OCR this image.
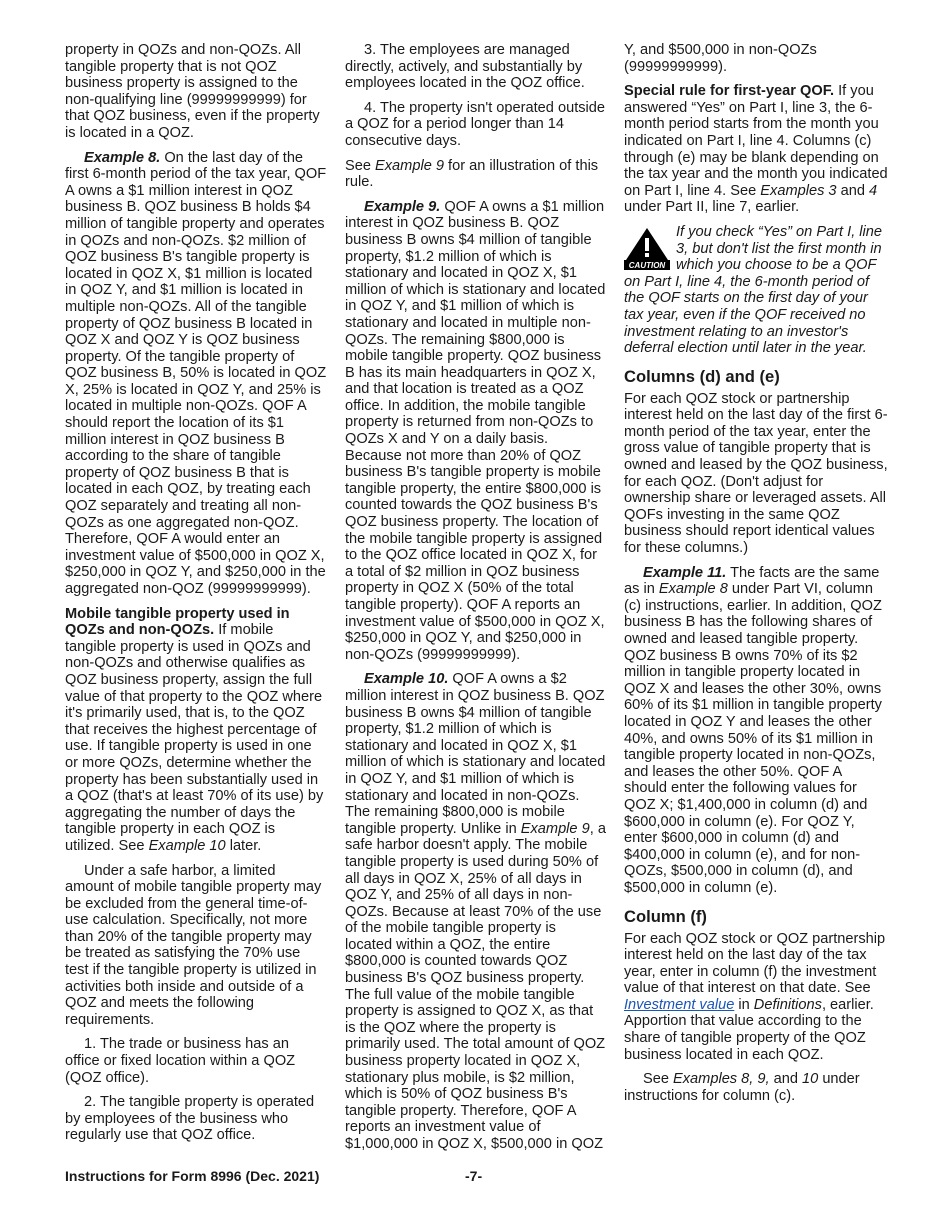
property in QOZs and non-QOZs. All tangible property that is not QOZ business property is assigned to the non-qualifying line (99999999999) for that QOZ business, even if the property is located in a QOZ.

Example 8. On the last day of the first 6-month period of the tax year, QOF A owns a $1 million interest in QOZ business B. QOZ business B holds $4 million of tangible property and operates in QOZs and non-QOZs. $2 million of QOZ business B's tangible property is located in QOZ X, $1 million is located in QOZ Y, and $1 million is located in multiple non-QOZs. All of the tangible property of QOZ business B located in QOZ X and QOZ Y is QOZ business property. Of the tangible property of QOZ business B, 50% is located in QOZ X, 25% is located in QOZ Y, and 25% is located in multiple non-QOZs. QOF A should report the location of its $1 million interest in QOZ business B according to the share of tangible property of QOZ business B that is located in each QOZ, by treating each QOZ separately and treating all non-QOZs as one aggregated non-QOZ. Therefore, QOF A would enter an investment value of $500,000 in QOZ X, $250,000 in QOZ Y, and $250,000 in the aggregated non-QOZ (99999999999).

Mobile tangible property used in QOZs and non-QOZs. If mobile tangible property is used in QOZs and non-QOZs and otherwise qualifies as QOZ business property, assign the full value of that property to the QOZ where it's primarily used, that is, to the QOZ that receives the highest percentage of use. If tangible property is used in one or more QOZs, determine whether the property has been substantially used in a QOZ (that's at least 70% of its use) by aggregating the number of days the tangible property in each QOZ is utilized. See Example 10 later.

Under a safe harbor, a limited amount of mobile tangible property may be excluded from the general time-of-use calculation. Specifically, not more than 20% of the tangible property may be treated as satisfying the 70% use test if the tangible property is utilized in activities both inside and outside of a QOZ and meets the following requirements.

1. The trade or business has an office or fixed location within a QOZ (QOZ office).

2. The tangible property is operated by employees of the business who regularly use that QOZ office.

3. The employees are managed directly, actively, and substantially by employees located in the QOZ office.

4. The property isn't operated outside a QOZ for a period longer than 14 consecutive days.

See Example 9 for an illustration of this rule.

Example 9. QOF A owns a $1 million interest in QOZ business B. QOZ business B owns $4 million of tangible property, $1.2 million of which is stationary and located in QOZ X, $1 million of which is stationary and located in QOZ Y, and $1 million of which is stationary and located in multiple non-QOZs. The remaining $800,000 is mobile tangible property. QOZ business B has its main headquarters in QOZ X, and that location is treated as a QOZ office. In addition, the mobile tangible property is returned from non-QOZs to QOZs X and Y on a daily basis. Because not more than 20% of QOZ business B's tangible property is mobile tangible property, the entire $800,000 is counted towards the QOZ business B's QOZ business property. The location of the mobile tangible property is assigned to the QOZ office located in QOZ X, for a total of $2 million in QOZ business property in QOZ X (50% of the total tangible property). QOF A reports an investment value of $500,000 in QOZ X, $250,000 in QOZ Y, and $250,000 in non-QOZs (99999999999).

Example 10. QOF A owns a $2 million interest in QOZ business B. QOZ business B owns $4 million of tangible property, $1.2 million of which is stationary and located in QOZ X, $1 million of which is stationary and located in QOZ Y, and $1 million of which is stationary and located in non-QOZs. The remaining $800,000 is mobile tangible property. Unlike in Example 9, a safe harbor doesn't apply. The mobile tangible property is used during 50% of all days in QOZ X, 25% of all days in QOZ Y, and 25% of all days in non-QOZs. Because at least 70% of the use of the mobile tangible property is located within a QOZ, the entire $800,000 is counted towards QOZ business B's QOZ business property. The full value of the mobile tangible property is assigned to QOZ X, as that is the QOZ where the property is primarily used. The total amount of QOZ business property located in QOZ X, stationary plus mobile, is $2 million, which is 50% of QOZ business B's tangible property. Therefore, QOF A reports an investment value of $1,000,000 in QOZ X, $500,000 in QOZ

Y, and $500,000 in non-QOZs (99999999999).

Special rule for first-year QOF. If you answered “Yes” on Part I, line 3, the 6-month period starts from the month you indicated on Part I, line 4. Columns (c) through (e) may be blank depending on the tax year and the month you indicated on Part I, line 4. See Examples 3 and 4 under Part II, line 7, earlier.

CAUTION
If you check “Yes” on Part I, line 3, but don't list the first month in which you choose to be a QOF on Part I, line 4, the 6-month period of the QOF starts on the first day of your tax year, even if the QOF received no investment relating to an investor's deferral election until later in the year.
Columns (d) and (e)

For each QOZ stock or partnership interest held on the last day of the first 6-month period of the tax year, enter the gross value of tangible property that is owned and leased by the QOZ business, for each QOZ. (Don't adjust for ownership share or leveraged assets. All QOFs investing in the same QOZ business should report identical values for these columns.)

Example 11. The facts are the same as in Example 8 under Part VI, column (c) instructions, earlier. In addition, QOZ business B has the following shares of owned and leased tangible property. QOZ business B owns 70% of its $2 million in tangible property located in QOZ X and leases the other 30%, owns 60% of its $1 million in tangible property located in QOZ Y and leases the other 40%, and owns 50% of its $1 million in tangible property located in non-QOZs, and leases the other 50%. QOF A should enter the following values for QOZ X; $1,400,000 in column (d) and $600,000 in column (e). For QOZ Y, enter $600,000 in column (d) and $400,000 in column (e), and for non-QOZs, $500,000 in column (d), and $500,000 in column (e).

Column (f)

For each QOZ stock or QOZ partnership interest held on the last day of the tax year, enter in column (f) the investment value of that interest on that date. See Investment value in Definitions, earlier. Apportion that value according to the share of tangible property of the QOZ business located in each QOZ.

See Examples 8, 9, and 10 under instructions for column (c).

Instructions for Form 8996 (Dec. 2021)	-7-
